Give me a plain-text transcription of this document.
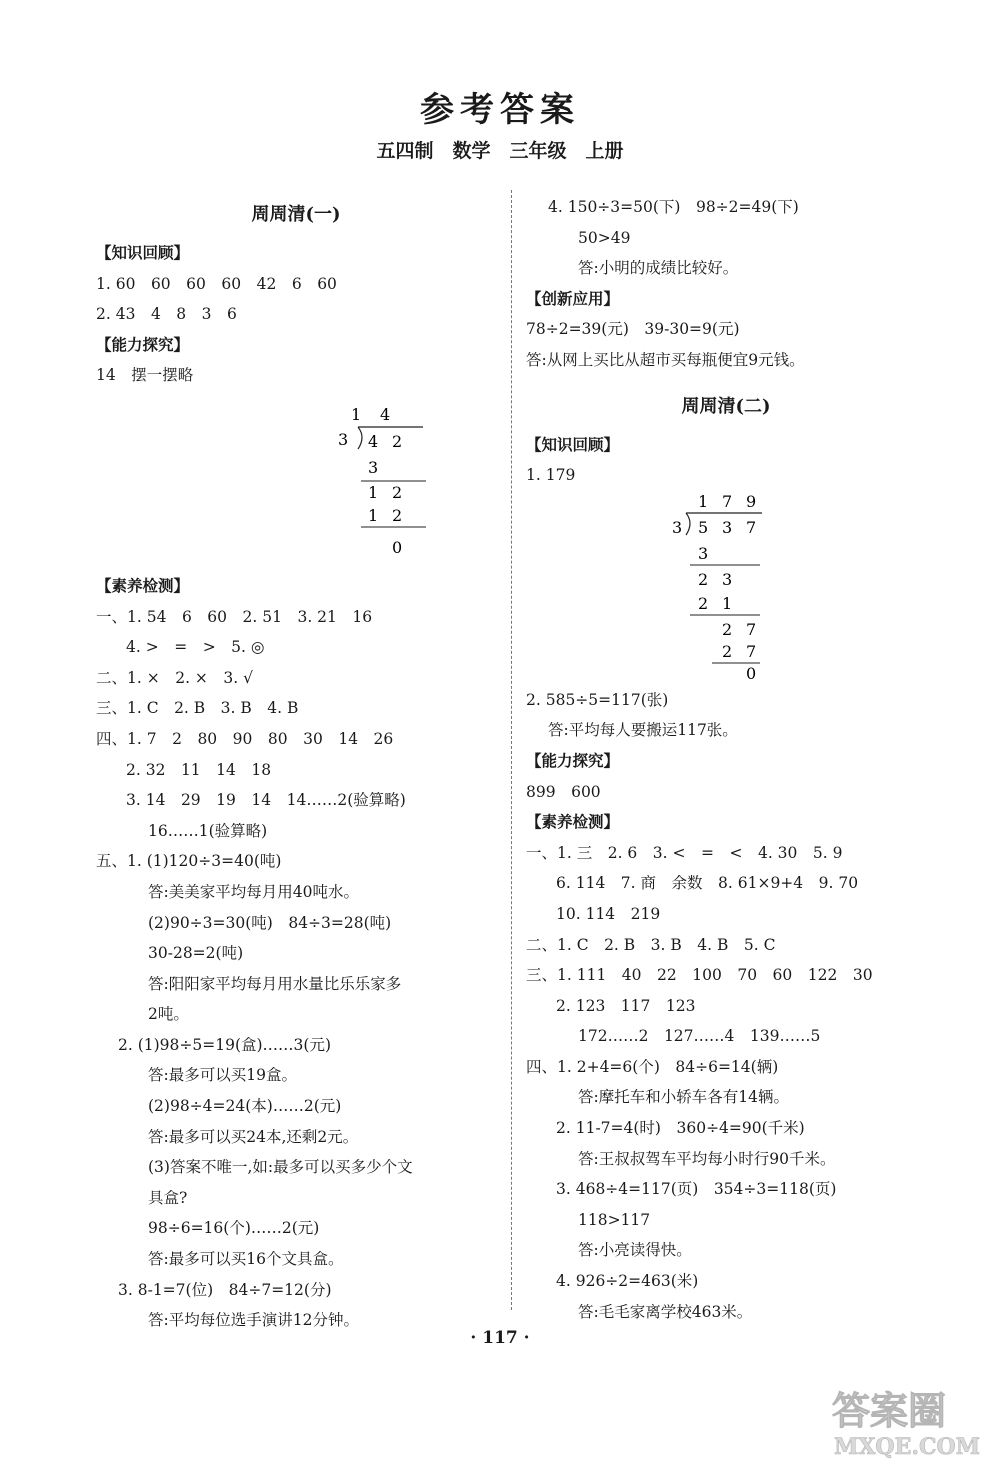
参考答案
五四制　数学　三年级　上册
周周清(一)
【知识回顾】
1. 60　60　60　60　42　6　60
2. 43　4　8　3　6
【能力探究】
14　摆一摆略
1 4
3 4 2
3
1 2
1 2

0
【素养检测】
一、1. 54　6　60　2. 51　3. 21　16
4. >　=　>　5. ◎
二、1. ×　2. ×　3. √
三、1. C　2. B　3. B　4. B
四、1. 7　2　80　90　80　30　14　26
2. 32　11　14　18
3. 14　29　19　14　14……2(验算略)
16……1(验算略)
五、1. (1)120÷3=40(吨)
答:美美家平均每月用40吨水。
(2)90÷3=30(吨)　84÷3=28(吨)
30-28=2(吨)
答:阳阳家平均每月用水量比乐乐家多
2吨。
2. (1)98÷5=19(盒)……3(元)
答:最多可以买19盒。
(2)98÷4=24(本)……2(元)
答:最多可以买24本,还剩2元。
(3)答案不唯一,如:最多可以买多少个文
具盒?
98÷6=16(个)……2(元)
答:最多可以买16个文具盒。
3. 8-1=7(位)　84÷7=12(分)
答:平均每位选手演讲12分钟。
4. 150÷3=50(下)　98÷2=49(下)
50>49
答:小明的成绩比较好。
【创新应用】
78÷2=39(元)　39-30=9(元)
答:从网上买比从超市买每瓶便宜9元钱。
周周清(二)
【知识回顾】
1. 179
1 7 9
3 5 3 7
3
2 3
2 1
2 7
2 7
0
2. 585÷5=117(张)
答:平均每人要搬运117张。
【能力探究】
899　600
【素养检测】
一、1. 三　2. 6　3. <　=　<　4. 30　5. 9
6. 114　7. 商　余数　8. 61×9+4　9. 70
10. 114　219
二、1. C　2. B　3. B　4. B　5. C
三、1. 111　40　22　100　70　60　122　30
2. 123　117　123
172……2　127……4　139……5
四、1. 2+4=6(个)　84÷6=14(辆)
答:摩托车和小轿车各有14辆。
2. 11-7=4(时)　360÷4=90(千米)
答:王叔叔驾车平均每小时行90千米。
3. 468÷4=117(页)　354÷3=118(页)
118>117
答:小亮读得快。
4. 926÷2=463(米)
答:毛毛家离学校463米。
· 117 ·
答案圈
MXQE.COM
